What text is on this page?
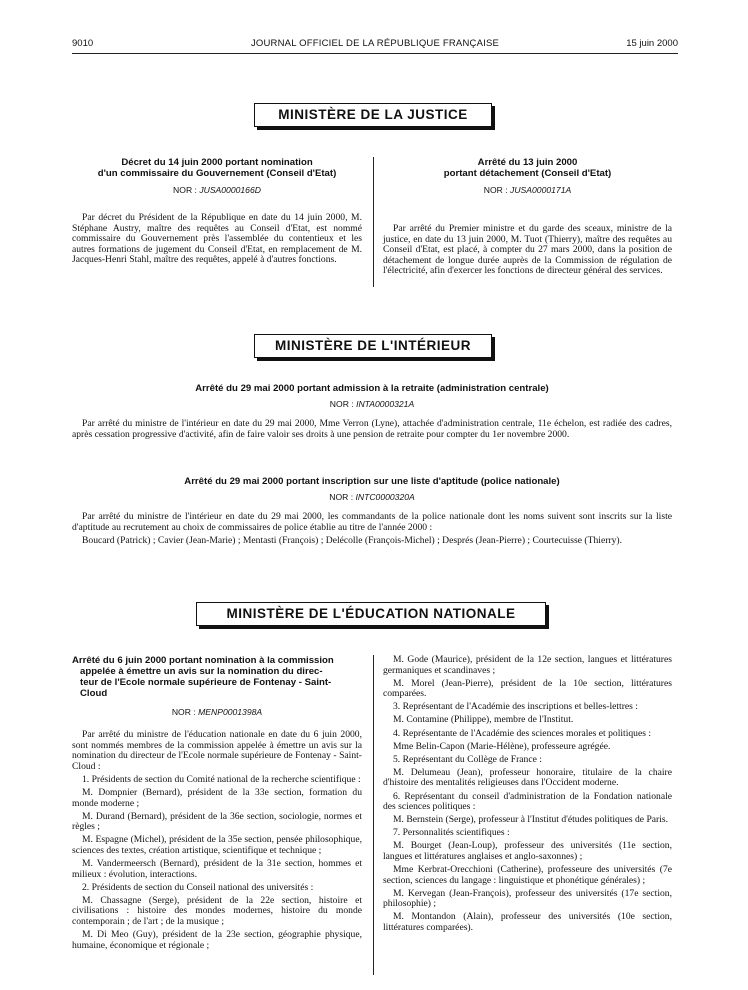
9010	JOURNAL OFFICIEL DE LA RÉPUBLIQUE FRANÇAISE	15 juin 2000
MINISTÈRE DE LA JUSTICE
Décret du 14 juin 2000 portant nomination
d'un commissaire du Gouvernement (Conseil d'Etat)
NOR : JUSA0000166D

Par décret du Président de la République en date du 14 juin 2000, M. Stéphane Austry, maître des requêtes au Conseil d'Etat, est nommé commissaire du Gouvernement près l'assemblée du contentieux et les autres formations de jugement du Conseil d'Etat, en remplacement de M. Jacques-Henri Stahl, maître des requêtes, appelé à d'autres fonctions.

Arrêté du 13 juin 2000
portant détachement (Conseil d'Etat)
NOR : JUSA0000171A

Par arrêté du Premier ministre et du garde des sceaux, ministre de la justice, en date du 13 juin 2000, M. Tuot (Thierry), maître des requêtes au Conseil d'Etat, est placé, à compter du 27 mars 2000, dans la position de détachement de longue durée auprès de la Commission de régulation de l'électricité, afin d'exercer les fonctions de directeur général des services.

MINISTÈRE DE L'INTÉRIEUR
Arrêté du 29 mai 2000 portant admission à la retraite (administration centrale)
NOR : INTA0000321A

Par arrêté du ministre de l'intérieur en date du 29 mai 2000, Mme Verron (Lyne), attachée d'administration centrale, 11e échelon, est radiée des cadres, après cessation progressive d'activité, afin de faire valoir ses droits à une pension de retraite pour compter du 1er novembre 2000.

Arrêté du 29 mai 2000 portant inscription sur une liste d'aptitude (police nationale)
NOR : INTC0000320A

Par arrêté du ministre de l'intérieur en date du 29 mai 2000, les commandants de la police nationale dont les noms suivent sont inscrits sur la liste d'aptitude au recrutement au choix de commissaires de police établie au titre de l'année 2000 :

Boucard (Patrick) ; Cavier (Jean-Marie) ; Mentasti (François) ; Delécolle (François-Michel) ; Després (Jean-Pierre) ; Courtecuisse (Thierry).

MINISTÈRE DE L'ÉDUCATION NATIONALE
Arrêté du 6 juin 2000 portant nomination à la commission
appelée à émettre un avis sur la nomination du direc-
teur de l'Ecole normale supérieure de Fontenay - Saint-
Cloud
NOR : MENP0001398A

Par arrêté du ministre de l'éducation nationale en date du 6 juin 2000, sont nommés membres de la commission appelée à émettre un avis sur la nomination du directeur de l'Ecole normale supérieure de Fontenay - Saint-Cloud :

1. Présidents de section du Comité national de la recherche scientifique :

M. Dompnier (Bernard), président de la 33e section, formation du monde moderne ;

M. Durand (Bernard), président de la 36e section, sociologie, normes et règles ;

M. Espagne (Michel), président de la 35e section, pensée philosophique, sciences des textes, création artistique, scientifique et technique ;

M. Vandermeersch (Bernard), président de la 31e section, hommes et milieux : évolution, interactions.

2. Présidents de section du Conseil national des universités :

M. Chassagne (Serge), président de la 22e section, histoire et civilisations : histoire des mondes modernes, histoire du monde contemporain ; de l'art ; de la musique ;

M. Di Meo (Guy), président de la 23e section, géographie physique, humaine, économique et régionale ;

M. Gode (Maurice), président de la 12e section, langues et littératures germaniques et scandinaves ;

M. Morel (Jean-Pierre), président de la 10e section, littératures comparées.

3. Représentant de l'Académie des inscriptions et belles-lettres :

M. Contamine (Philippe), membre de l'Institut.

4. Représentante de l'Académie des sciences morales et politiques :

Mme Belin-Capon (Marie-Hélène), professeure agrégée.

5. Représentant du Collège de France :

M. Delumeau (Jean), professeur honoraire, titulaire de la chaire d'histoire des mentalités religieuses dans l'Occident moderne.

6. Représentant du conseil d'administration de la Fondation nationale des sciences politiques :

M. Bernstein (Serge), professeur à l'Institut d'études politiques de Paris.

7. Personnalités scientifiques :

M. Bourget (Jean-Loup), professeur des universités (11e section, langues et littératures anglaises et anglo-saxonnes) ;

Mme Kerbrat-Orecchioni (Catherine), professeure des universités (7e section, sciences du langage : linguistique et phonétique générales) ;

M. Kervegan (Jean-François), professeur des universités (17e section, philosophie) ;

M. Montandon (Alain), professeur des universités (10e section, littératures comparées).
